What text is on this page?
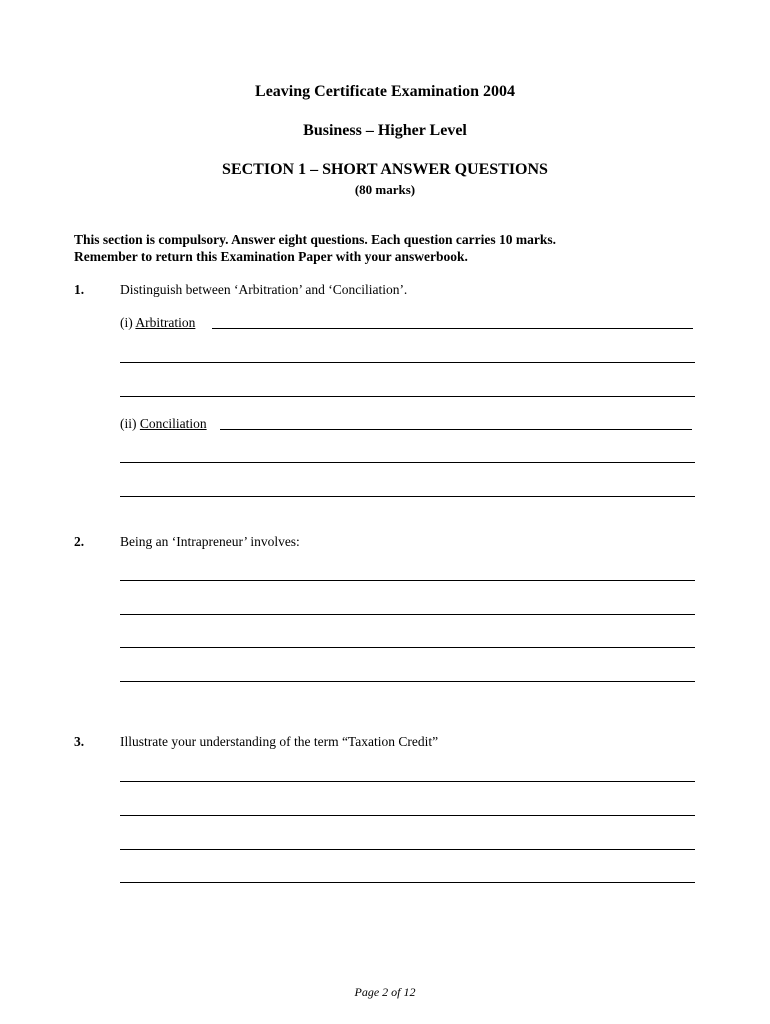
Leaving Certificate Examination 2004
Business – Higher Level
SECTION 1 – SHORT ANSWER QUESTIONS
(80 marks)
This section is compulsory. Answer eight questions. Each question carries 10 marks.
Remember to return this Examination Paper with your answerbook.
1.	Distinguish between ‘Arbitration’ and ‘Conciliation’.
(i) Arbitration
(ii) Conciliation
2.	Being an ‘Intrapreneur’ involves:
3.	Illustrate your understanding of the term “Taxation Credit”
Page 2 of 12
